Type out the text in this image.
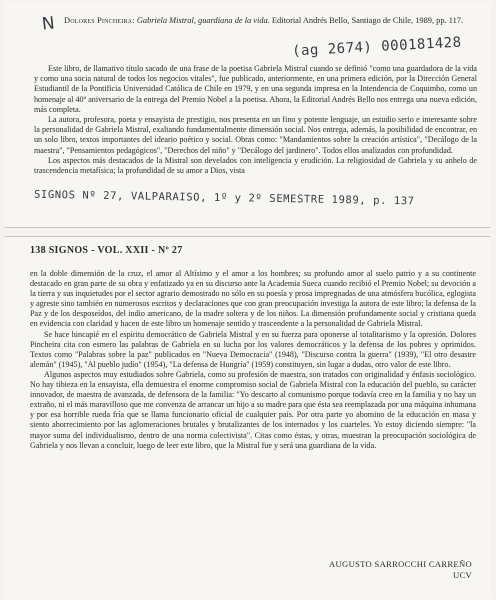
N Dolores Pincheira: Gabriela Mistral, guardiana de la vida. Editorial Andrés Bello, Santiago de Chile, 1989, pp. 117.
(ag 2674) 000181428

Este libro, de llamativo título sacado de una frase de la poetisa Gabriela Mistral cuando se definió "como una guardadora de la vida y como una socia natural de todos los negocios vitales", fue publicado, anteriormente, en una primera edición, por la Dirección General Estudiantil de la Pontificia Universidad Católica de Chile en 1979, y en una segunda impresa en la Intendencia de Coquimbo, como un homenaje al 40º aniversario de la entrega del Premio Nobel a la poetisa. Ahora, la Editorial Andrés Bello nos entrega una nueva edición, más completa.

La autora, profesora, poeta y ensayista de prestigio, nos presenta en un fino y potente lenguaje, un estudio serio e interesante sobre la personalidad de Gabriela Mistral, exaltando fundamentalmente dimensión social. Nos entrega, además, la posibilidad de encontrar, en un solo libro, textos importantes del ideario poético y social. Obras como: "Mandamientos sobre la creación artística", "Decálogo de la maestra", "Pensamientos pedagógicos", "Derechos del niño" y "Decálogo del jardinero". Todos ellos analizados con profundidad.

Los aspectos más destacados de la Mistral son develados con inteligencia y erudición. La religiosidad de Gabriela y su anhelo de trascendencia metafísica; la profundidad de su amor a Dios, vista

SIGNOS Nº 27, VALPARAISO, 1º y 2º SEMESTRE 1989, p. 137
138 SIGNOS - VOL. XXII - Nº 27

en la doble dimensión de la cruz, el amor al Altísimo y el amor a los hombres; su profundo amor al suelo patrio y a su continente destacado en gran parte de su obra y enfatizado ya en su discurso ante la Academia Sueca cuando recibió el Premio Nobel; su devoción a la tierra y sus inquietudes por el sector agrario demostrado no sólo en su poesía y prosa impregnadas de una atmósfera bucólica, eglogista y agreste sino también en numerosos escritos y declaraciones que con gran preocupación investiga la autora de este libro; la defensa de la Paz y de los desposeídos, del indio americano, de la madre soltera y de los niños. La dimensión profundamente social y cristiana queda en evidencia con claridad y hacen de este libro un homenaje sentido y trascendente a la personalidad de Gabriela Mistral.

Se hace hincapié en el espíritu democrático de Gabriela Mistral y en su fuerza para oponerse al totalitarismo y la opresión. Dolores Pincheira cita con esmero las palabras de Gabriela en su lucha por los valores democráticos y la defensa de los pobres y oprimidos. Textos como "Palabras sobre la paz" publicados en "Nueva Democracia" (1948), "Discurso contra la guerra" (1939), "El otro desastre alemán" (1945), "Al pueblo judío" (1954), "La defensa de Hungría" (1959) constituyen, sin lugar a dudas, otro valor de este libro.

Algunos aspectos muy estudiados sobre Gabriela, como su profesión de maestra, son tratados con originalidad y énfasis sociológico. No hay tibieza en la ensayista, ella demuestra el enorme compromiso social de Gabriela Mistral con la educación del pueblo, su carácter innovador, de maestra de avanzada, de defensora de la familia: "Yo descarto al comunismo porque todavía creo en la familia y no hay un extraño, ni el más maravilloso que me convenza de arrancar un hijo a su madre para que ésta sea reemplazada por una máquina inhumana y por esa horrible rueda fría que se llama funcionario oficial de cualquier país. Por otra parte yo abomino de la educación en masa y siento aborrecimiento por las aglomeraciones brutales y brutalizantes de los internados y los cuarteles. Yo estoy diciendo siempre: "la mayor suma del individualismo, dentro de una norma colectivista". Citas como éstas, y otras, muestran la preocupación sociológica de Gabriela y nos llevan a concluir, luego de leer este libro, que la Mistral fue y será una guardiana de la vida.

AUGUSTO SARROCCHI CARREÑO
UCV
